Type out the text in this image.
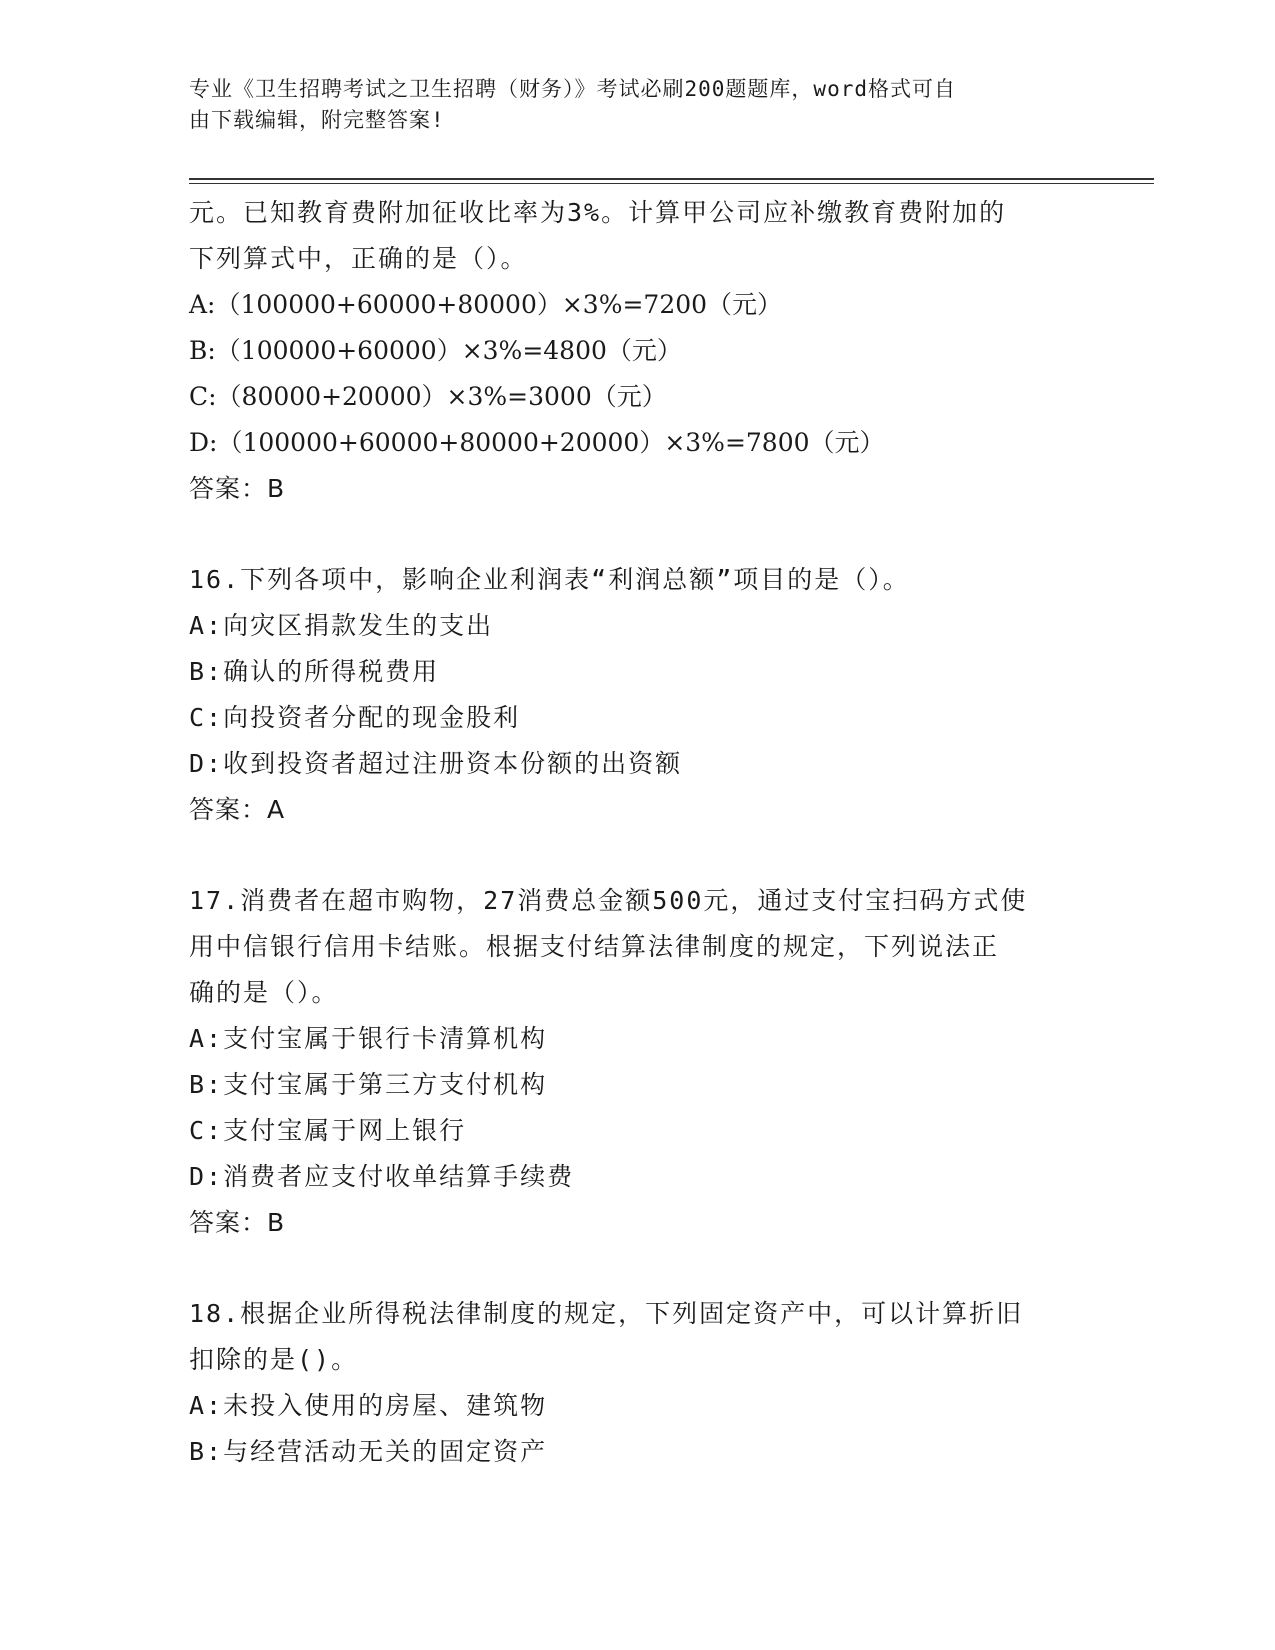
专业《卫生招聘考试之卫生招聘（财务）》考试必刷200题题库，word格式可自
由下载编辑，附完整答案!
元。已知教育费附加征收比率为3%。计算甲公司应补缴教育费附加的
下列算式中，正确的是（）。
A:（100000+60000+80000）×3%=7200（元）
B:（100000+60000）×3%=4800（元）
C:（80000+20000）×3%=3000（元）
D:（100000+60000+80000+20000）×3%=7800（元）
答案：B
16.下列各项中，影响企业利润表“利润总额”项目的是（）。
A:向灾区捐款发生的支出
B:确认的所得税费用
C:向投资者分配的现金股利
D:收到投资者超过注册资本份额的出资额
答案：A
17.消费者在超市购物，27消费总金额500元，通过支付宝扫码方式使
用中信银行信用卡结账。根据支付结算法律制度的规定，下列说法正
确的是（）。
A:支付宝属于银行卡清算机构
B:支付宝属于第三方支付机构
C:支付宝属于网上银行
D:消费者应支付收单结算手续费
答案：B
18.根据企业所得税法律制度的规定，下列固定资产中，可以计算折旧
扣除的是()。
A:未投入使用的房屋、建筑物
B:与经营活动无关的固定资产
